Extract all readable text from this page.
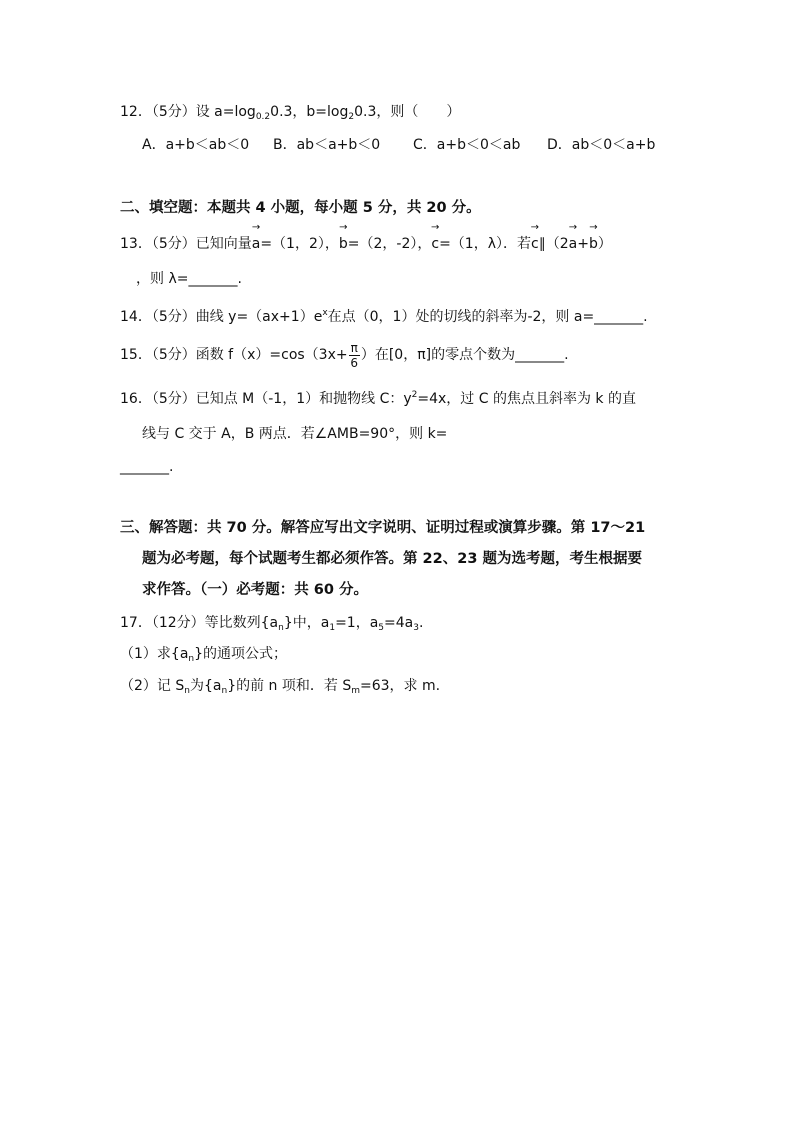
12．（5分）设 $a=\log_{0.2}0.3$，$b=\log_20.3$，则（　　）
A．a+b＜ab＜0 B．ab＜a+b＜0 C．a+b＜0＜ab D．ab＜0＜a+b
二、填空题：本题共 4 小题，每小题 5 分，共 20 分。
13．（5分）已知向量→ a=（1，2），→ b=（2，-2），→ c=（1，λ）．若→ c∥（2→ a+→ b）
，则 λ=_______.
14．（5分）曲线 $y=(ax+1)e^x$在点（0，1）处的切线的斜率为-2，则 a=_______.
15．（5分）函数 $f(x)=\cos(3x+ \frac{\pi}{6}$ ）在[0，π]的零点个数为_______.
16．（5分）已知点 M（-1，1）和抛物线 C：$y^2=4x$，过 C 的焦点且斜率为 k 的直
线与 C 交于 A，B 两点．若∠AMB=90°，则 k=
_______.
三、解答题：共 70 分。解答应写出文字说明、证明过程或演算步骤。第 17～21
题为必考题，每个试题考生都必须作答。第 22、23 题为选考题，考生根据要
求作答。（一）必考题：共 60 分。
17．（12分）等比数列$\{a_n\}$中，$a_1=1$，$a_5=4a_3$.
（1）求$\{a_n\}$的通项公式；
（2）记 $S_n$为$\{a_n\}$的前 n 项和．若 $S_m=63$，求 m.
